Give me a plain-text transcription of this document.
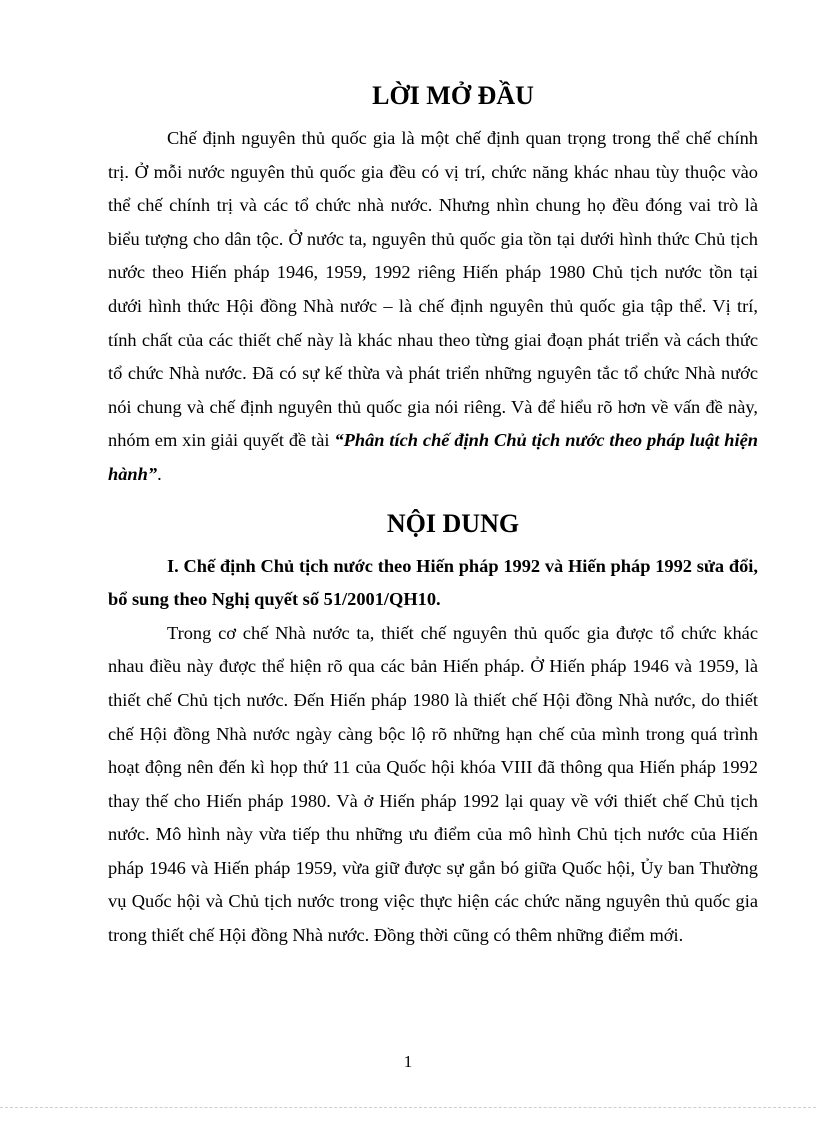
LỜI MỞ ĐẦU

Chế định nguyên thủ quốc gia là một chế định quan trọng trong thể chế chính trị. Ở mỗi nước nguyên thủ quốc gia đều có vị trí, chức năng khác nhau tùy thuộc vào thể chế chính trị và các tổ chức nhà nước. Nhưng nhìn chung họ đều đóng vai trò là biểu tượng cho dân tộc. Ở nước ta, nguyên thủ quốc gia tồn tại dưới hình thức Chủ tịch nước theo Hiến pháp 1946, 1959, 1992 riêng Hiến pháp 1980 Chủ tịch nước tồn tại dưới hình thức Hội đồng Nhà nước – là chế định nguyên thủ quốc gia tập thể. Vị trí, tính chất của các thiết chế này là khác nhau theo từng giai đoạn phát triển và cách thức tổ chức Nhà nước. Đã có sự kế thừa và phát triển những nguyên tắc tổ chức Nhà nước nói chung và chế định nguyên thủ quốc gia nói riêng. Và để hiểu rõ hơn về vấn đề này, nhóm em xin giải quyết đề tài “Phân tích chế định Chủ tịch nước theo pháp luật hiện hành”.

NỘI DUNG

I. Chế định Chủ tịch nước theo Hiến pháp 1992 và Hiến pháp 1992 sửa đổi, bổ sung theo Nghị quyết số 51/2001/QH10.

Trong cơ chế Nhà nước ta, thiết chế nguyên thủ quốc gia được tổ chức khác nhau điều này được thể hiện rõ qua các bản Hiến pháp. Ở Hiến pháp 1946 và 1959, là thiết chế Chủ tịch nước. Đến Hiến pháp 1980 là thiết chế Hội đồng Nhà nước, do thiết chế Hội đồng Nhà nước ngày càng bộc lộ rõ những hạn chế của mình trong quá trình hoạt động nên đến kì họp thứ 11 của Quốc hội khóa VIII đã thông qua Hiến pháp 1992 thay thế cho Hiến pháp 1980. Và ở Hiến pháp 1992 lại quay về với thiết chế Chủ tịch nước. Mô hình này vừa tiếp thu những ưu điểm của mô hình Chủ tịch nước của Hiến pháp 1946 và Hiến pháp 1959, vừa giữ được sự gắn bó giữa Quốc hội, Ủy ban Thường vụ Quốc hội và Chủ tịch nước trong việc thực hiện các chức năng nguyên thủ quốc gia trong thiết chế Hội đồng Nhà nước. Đồng thời cũng có thêm những điểm mới.

1
